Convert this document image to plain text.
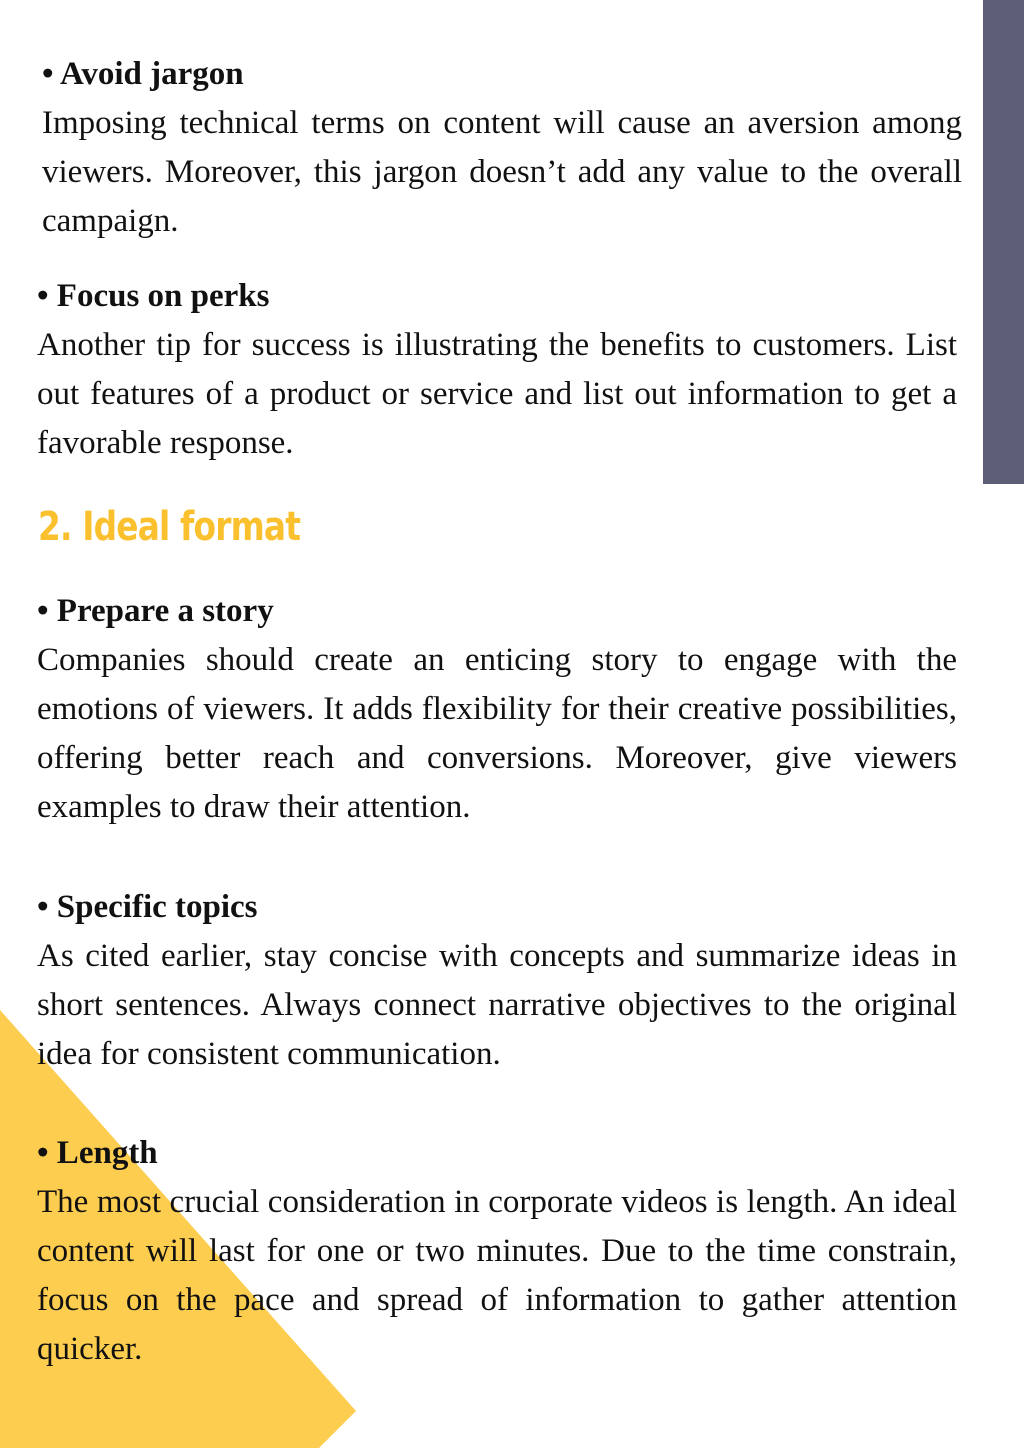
• Avoid jargon

Imposing technical terms on content will cause an aversion among viewers. Moreover, this jargon doesn’t add any value to the overall campaign.

• Focus on perks

Another tip for success is illustrating the benefits to customers. List out features of a product or service and list out information to get a favorable response.

2. Ideal format

• Prepare a story

Companies should create an enticing story to engage with the emotions of viewers. It adds flexibility for their creative possibilities, offering better reach and conversions. Moreover, give viewers examples to draw their attention.

• Specific topics

As cited earlier, stay concise with concepts and summarize ideas in short sentences. Always connect narrative objectives to the original idea for consistent communication.

• Length

The most crucial consideration in corporate videos is length. An ideal content will last for one or two minutes. Due to the time constrain, focus on the pace and spread of information to gather attention quicker.
